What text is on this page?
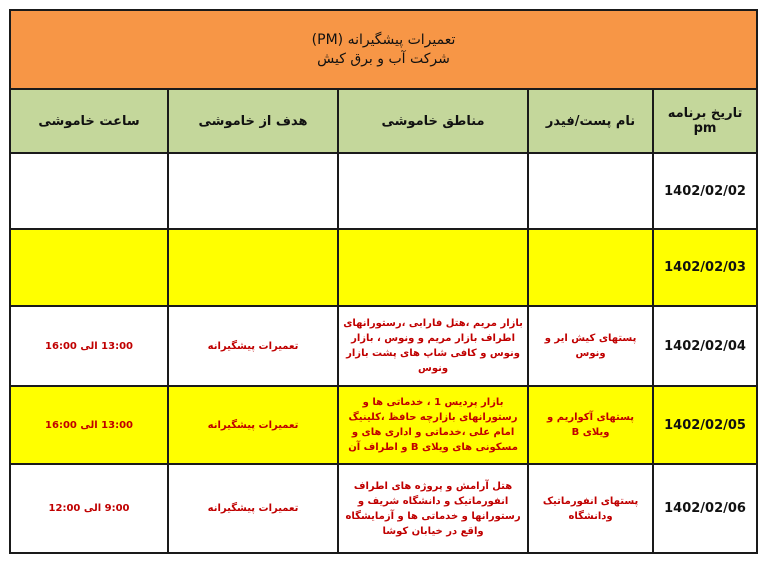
تعمیرات پیشگیرانه (PM)
شرکت آب و برق کیش				

تاریخ برنامه pm	نام پست/فیدر	مناطق خاموشی	هدف از خاموشی	ساعت خاموشی
1402/02/02				
1402/02/03				
1402/02/04	پستهای کیش ایر و ونوس	بازار مریم ،هتل فارابی ،رستورانهای اطراف بازار مریم و ونوس ، بازار ونوس و کافی شاپ های پشت بازار ونوس	تعمیرات پیشگیرانه	13:00 الی 16:00
1402/02/05	پستهای آکواریم و ویلای B	بازار پردیس 1 ، خدماتی ها و رستورانهای بازارچه حافظ ،کلینیگ امام علی ،خدماتی و اداری های و مسکونی های ویلای B و اطراف آن	تعمیرات پیشگیرانه	13:00 الی 16:00
1402/02/06	پستهای انفورماتیک ودانشگاه	هتل آرامش و پروژه های اطراف انفورماتیک و دانشگاه شریف و رستورانها و خدماتی ها و آزمایشگاه واقع در خیابان کوشا	تعمیرات پیشگیرانه	9:00 الی 12:00
